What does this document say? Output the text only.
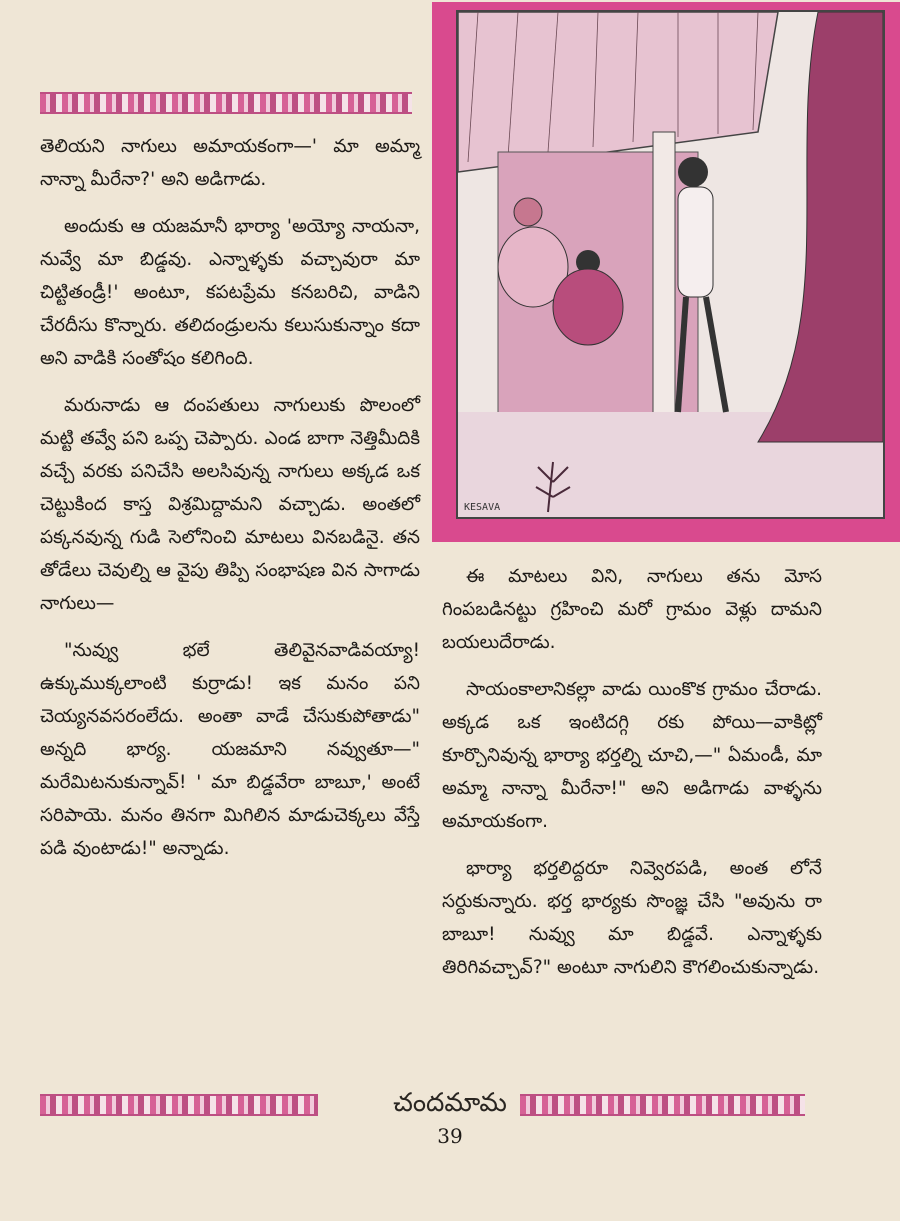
తెలియని నాగులు అమాయకంగా—' మా అమ్మా నాన్నా మీరేనా?' అని అడిగాడు.

అందుకు ఆ యజమానీ భార్యా 'అయ్యో నాయనా, నువ్వే మా బిడ్డవు. ఎన్నాళ్ళకు వచ్చావురా మా చిట్టితండ్రీ!' అంటూ, కపటప్రేమ కనబరిచి, వాడిని చేరదీసు కొన్నారు. తలిదండ్రులను కలుసుకున్నాం కదా అని వాడికి సంతోషం కలిగింది.

మరునాడు ఆ దంపతులు నాగులుకు పొలంలో మట్టి తవ్వే పని ఒప్ప చెప్పారు. ఎండ బాగా నెత్తిమీదికి వచ్చే వరకు పనిచేసి అలసివున్న నాగులు అక్కడ ఒక చెట్టుకింద కాస్త విశ్రమిద్దామని వచ్చాడు. అంతలో పక్కనవున్న గుడి సెలోనించి మాటలు వినబడినై. తన తోడేలు చెవుల్ని ఆ వైపు తిప్పి సంభాషణ విన సాగాడు నాగులు—

"నువ్వు భలే తెలివైనవాడివయ్యా! ఉక్కుముక్కలాంటి కుర్రాడు! ఇక మనం పని చెయ్యనవసరంలేదు. అంతా వాడే చేసుకుపోతాడు" అన్నది భార్య. యజమాని నవ్వుతూ—" మరేమిటనుకున్నావ్! ' మా బిడ్డవేరా బాబూ,' అంటే సరిపాయె. మనం తినగా మిగిలిన మాడుచెక్కలు వేస్తే పడి వుంటాడు!" అన్నాడు.

KESAVA

ఈ మాటలు విని, నాగులు తను మోస గింపబడినట్టు గ్రహించి మరో గ్రామం వెళ్లు దామని బయలుదేరాడు.

సాయంకాలానికల్లా వాడు యింకొక గ్రామం చేరాడు. అక్కడ ఒక ఇంటిదగ్గి రకు పోయి—వాకిట్లో కూర్చొనివున్న భార్యా భర్తల్ని చూచి,—" ఏమండీ, మా అమ్మా నాన్నా మీరేనా!" అని అడిగాడు వాళ్ళను అమాయకంగా.

భార్యా భర్తలిద్దరూ నివ్వెరపడి, అంత లోనే సర్దుకున్నారు. భర్త భార్యకు సొంజ్ఞ చేసి "అవును రా బాబూ! నువ్వు మా బిడ్డవే. ఎన్నాళ్ళకు తిరిగివచ్చావ్?" అంటూ నాగులిని కౌగలించుకున్నాడు.

చందమామ
39
